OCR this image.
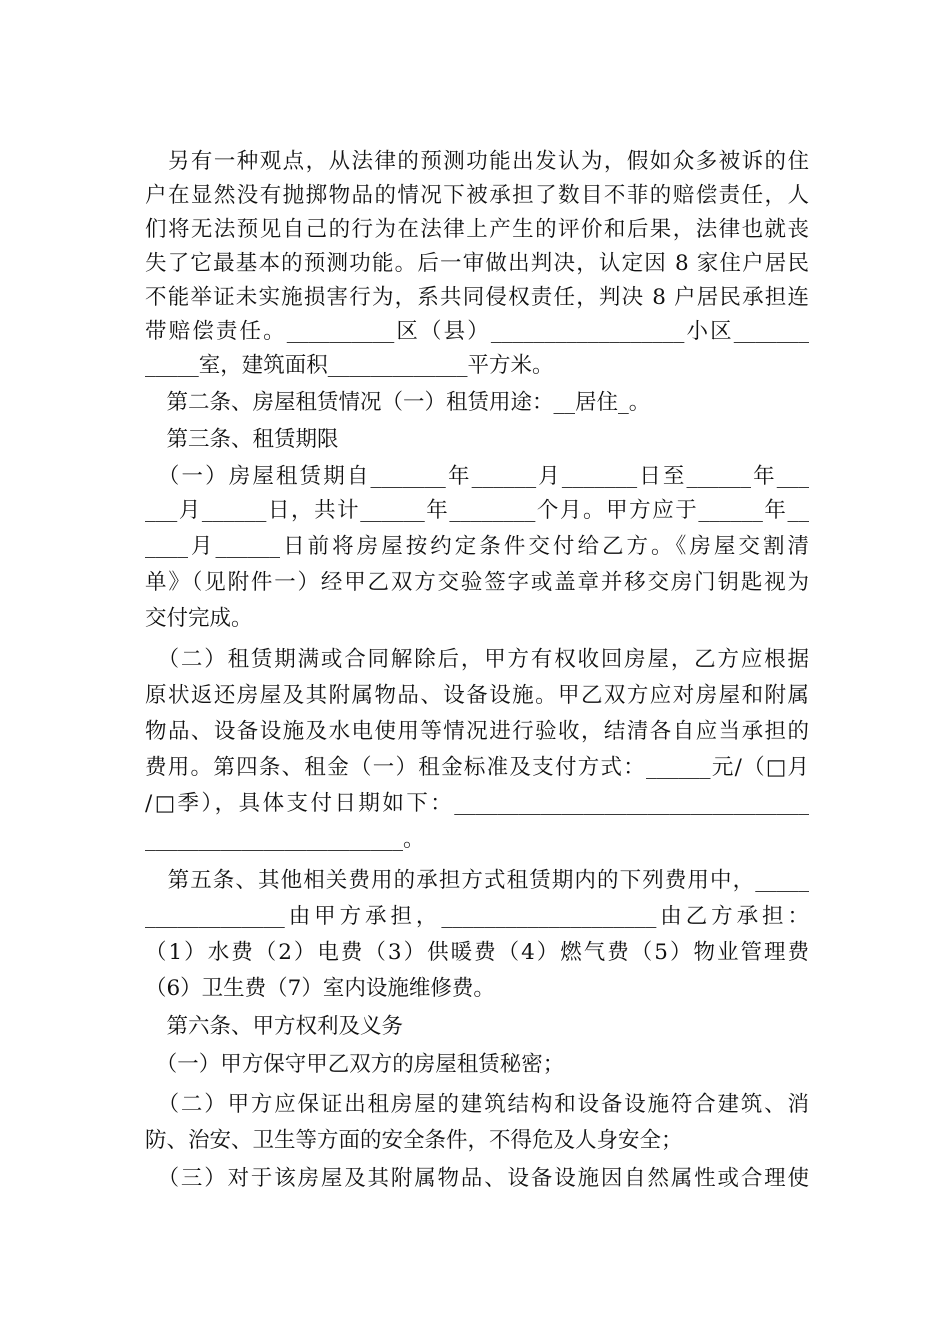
　另有一种观点，从法律的预测功能出发认为，假如众多被诉的住
户在显然没有抛掷物品的情况下被承担了数目不菲的赔偿责任，人
们将无法预见自己的行为在法律上产生的评价和后果，法律也就丧
失了它最基本的预测功能。后一审做出判决，认定因 8 家住户居民
不能举证未实施损害行为，系共同侵权责任，判决 8 户居民承担连
带赔偿责任。__________区（县）__________________小区_______
_____室，建筑面积_____________平方米。
　第二条、房屋租赁情况（一）租赁用途：__居住_。
　第三条、租赁期限
　（一）房屋租赁期自_______年______月_______日至______年___
___月______日，共计______年________个月。甲方应于______年__
____月______日前将房屋按约定条件交付给乙方。《房屋交割清
单》（见附件一）经甲乙双方交验签字或盖章并移交房门钥匙视为
交付完成。
　（二）租赁期满或合同解除后，甲方有权收回房屋，乙方应根据
原状返还房屋及其附属物品、设备设施。甲乙双方应对房屋和附属
物品、设备设施及水电使用等情况进行验收，结清各自应当承担的
费用。第四条、租金（一）租金标准及支付方式：______元/（□月
/□季），具体支付日期如下：_________________________________
________________________。
　第五条、其他相关费用的承担方式租赁期内的下列费用中，_____
_____________由甲方承担，____________________由乙方承担：
（1）水费（2）电费（3）供暖费（4）燃气费（5）物业管理费
（6）卫生费（7）室内设施维修费。
　第六条、甲方权利及义务
　（一）甲方保守甲乙双方的房屋租赁秘密；
　（二）甲方应保证出租房屋的建筑结构和设备设施符合建筑、消
防、治安、卫生等方面的安全条件，不得危及人身安全；
　（三）对于该房屋及其附属物品、设备设施因自然属性或合理使
